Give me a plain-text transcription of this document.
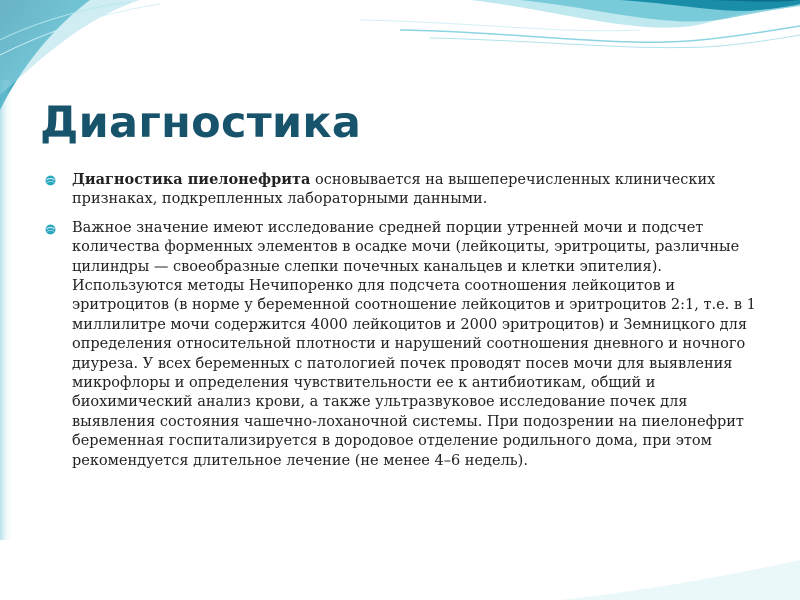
Диагностика
Диагностика пиелонефрита основывается на вышеперечисленных клинических признаках, подкрепленных лабораторными данными.
Важное значение имеют исследование средней порции утренней мочи и подсчет количества форменных элементов в осадке мочи (лейкоциты, эритроциты, различные цилиндры — своеобразные слепки почечных канальцев и клетки эпителия). Используются методы Нечипоренко для подсчета соотношения лейкоцитов и эритроцитов (в норме у беременной соотношение лейкоцитов и эритроцитов 2:1, т.е. в 1 миллилитре мочи содержится 4000 лейкоцитов и 2000 эритроцитов) и Земницкого для определения относительной плотности и нарушений соотношения дневного и ночного диуреза. У всех беременных с патологией почек проводят посев мочи для выявления микрофлоры и определения чувствительности ее к антибиотикам, общий и биохимический анализ крови, а также ультразвуковое исследование почек для выявления состояния чашечно-лоханочной системы. При подозрении на пиелонефрит беременная госпитализируется в дородовое отделение родильного дома, при этом рекомендуется длительное лечение (не менее 4–6 недель).
